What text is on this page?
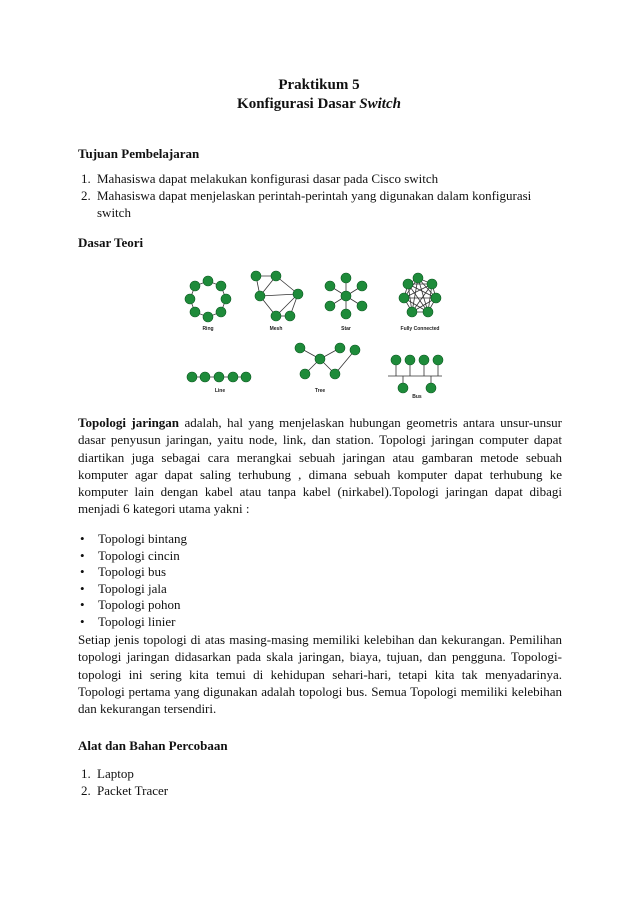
Praktikum 5
Konfigurasi Dasar Switch
Tujuan Pembelajaran
1. Mahasiswa dapat melakukan konfigurasi dasar pada Cisco switch
2. Mahasiswa dapat menjelaskan perintah-perintah yang digunakan dalam konfigurasi switch
Dasar Teori
Ring	Mesh	Star	Fully Connected
Line	Tree
Bus

Topologi jaringan adalah, hal yang menjelaskan hubungan geometris antara unsur-unsur dasar penyusun jaringan, yaitu node, link, dan station. Topologi jaringan computer dapat diartikan juga sebagai cara merangkai sebuah jaringan atau gambaran metode sebuah komputer agar dapat saling terhubung , dimana sebuah komputer dapat terhubung ke komputer lain dengan kabel atau tanpa kabel (nirkabel).Topologi jaringan dapat dibagi menjadi 6 kategori utama yakni :

• Topologi bintang
• Topologi cincin
• Topologi bus
• Topologi jala
• Topologi pohon
• Topologi linier

Setiap jenis topologi di atas masing-masing memiliki kelebihan dan kekurangan. Pemilihan topologi jaringan didasarkan pada skala jaringan, biaya, tujuan, dan pengguna. Topologi-topologi ini sering kita temui di kehidupan sehari-hari, tetapi kita tak menyadarinya. Topologi pertama yang digunakan adalah topologi bus. Semua Topologi memiliki kelebihan dan kekurangan tersendiri.

Alat dan Bahan Percobaan
1. Laptop
2. Packet Tracer
